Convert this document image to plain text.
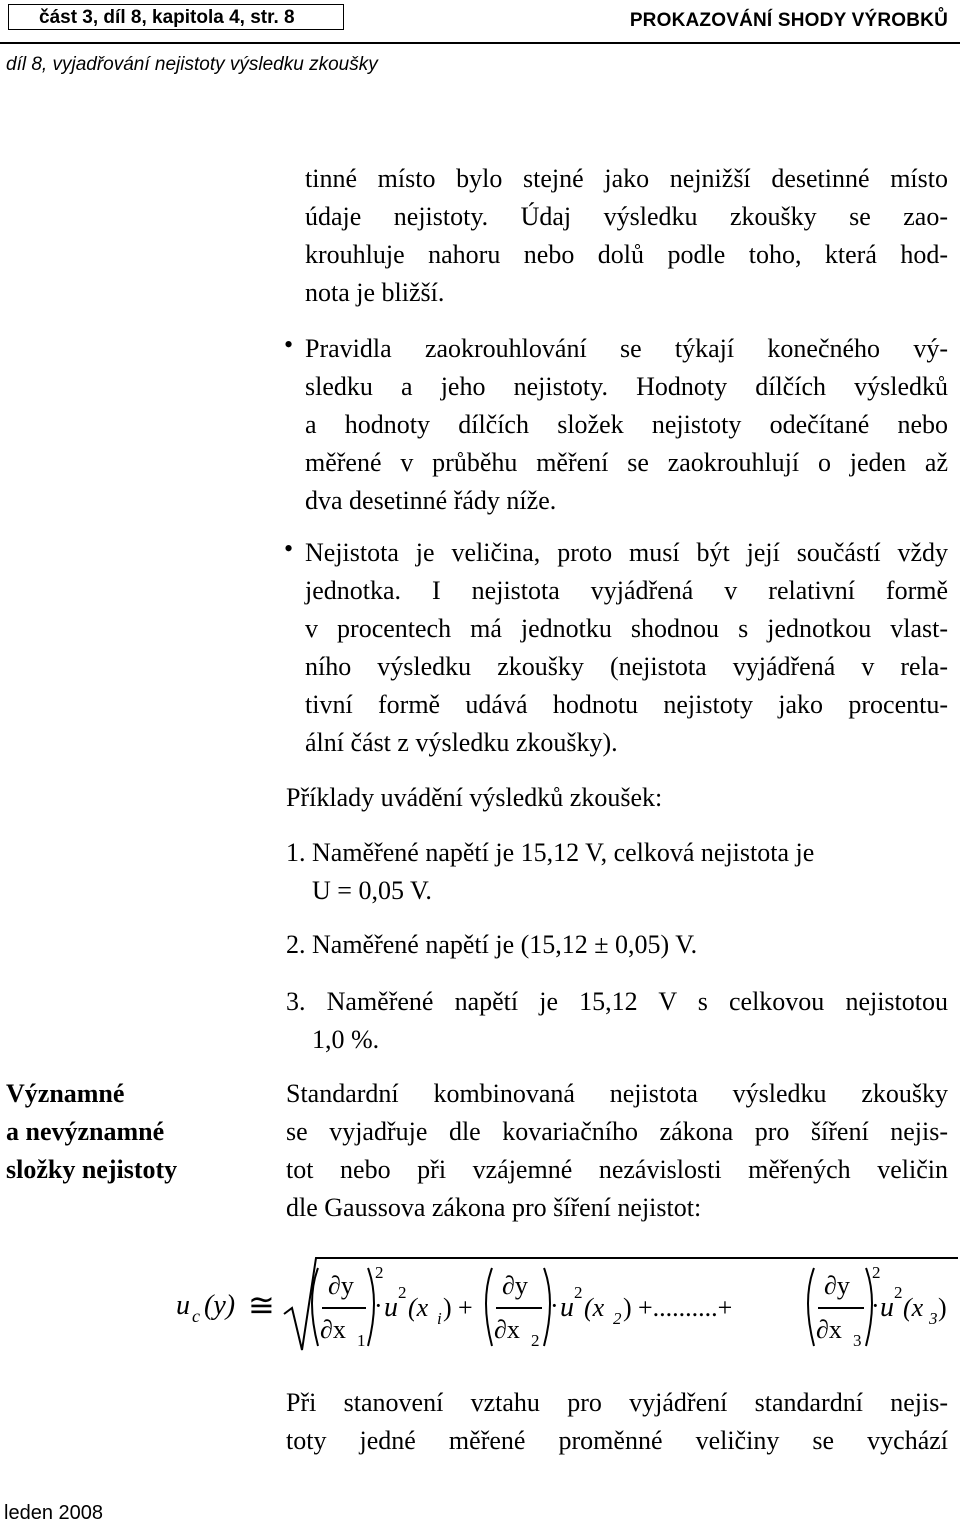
část 3, díl 8, kapitola 4, str. 8	PROKAZOVÁNÍ SHODY VÝROBKŮ
díl 8, vyjadřování nejistoty výsledku zkoušky
tinné místo bylo stejné jako nejnižší desetinné místo
údaje nejistoty. Údaj výsledku zkoušky se zao-
krouhluje nahoru nebo dolů podle toho, která hod-
nota je bližší.
• Pravidla zaokrouhlování se týkají konečného vý-
sledku a jeho nejistoty. Hodnoty dílčích výsledků
a hodnoty dílčích složek nejistoty odečítané nebo
měřené v průběhu měření se zaokrouhlují o jeden až
dva desetinné řády níže.
• Nejistota je veličina, proto musí být její součástí vždy
jednotka. I nejistota vyjádřená v relativní formě
v procentech má jednotku shodnou s jednotkou vlast-
ního výsledku zkoušky (nejistota vyjádřená v rela-
tivní formě udává hodnotu nejistoty jako procentu-
ální část z výsledku zkoušky).
Příklady uvádění výsledků zkoušek:
1. Naměřené napětí je 15,12 V, celková nejistota je
U = 0,05 V.
2. Naměřené napětí je (15,12 ± 0,05) V.
3. Naměřené napětí je 15,12 V s celkovou nejistotou
1,0 %.
Významné
a nevýznamné
složky nejistoty
Standardní kombinovaná nejistota výsledku zkoušky
se vyjadřuje dle kovariačního zákona pro šíření nejis-
tot nebo při vzájemné nezávislosti měřených veličin
dle Gaussova zákona pro šíření nejistot:
u c (y) ≅
∂y
∂x 1
2
· u 2
(x i ) +
∂y
∂x 2
· u 2
(x 2 ) +..........+
∂y
∂x 3
2
· u 2
(x 3 )
Při stanovení vztahu pro vyjádření standardní nejis-
toty jedné měřené proměnné veličiny se vychází
leden 2008
